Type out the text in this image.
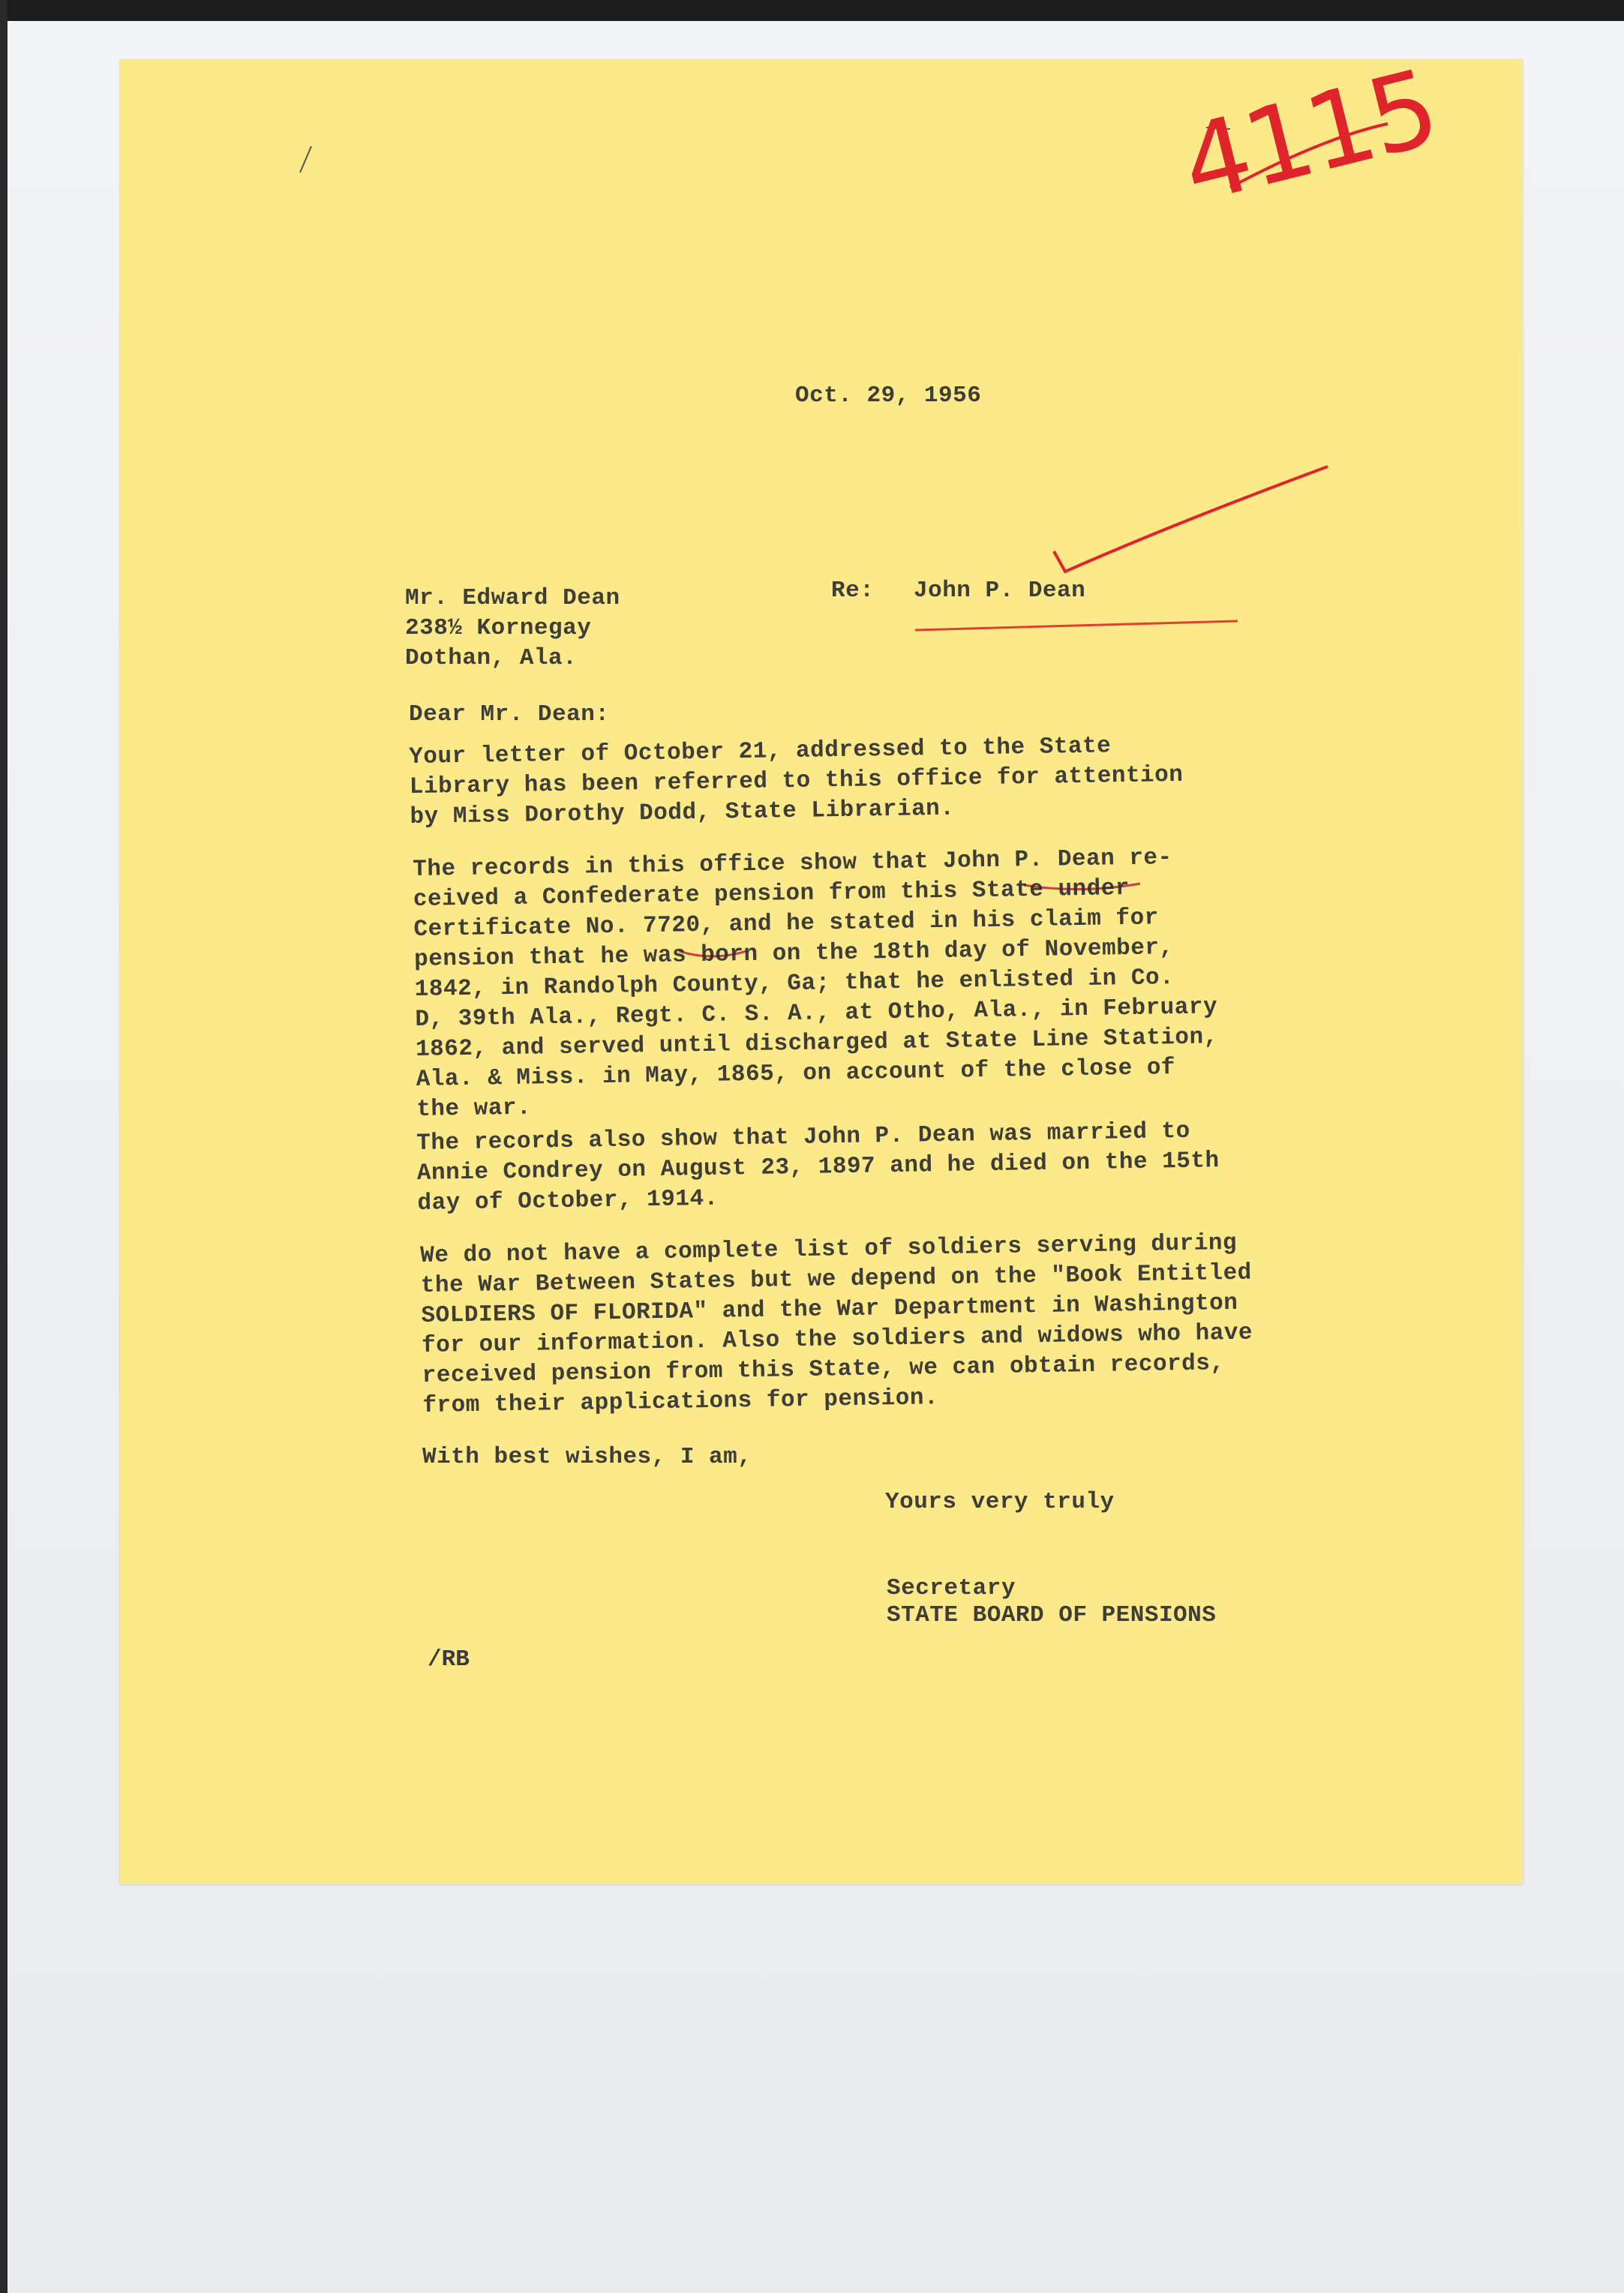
4115
Oct. 29, 1956
Mr. Edward Dean
238½ Kornegay
Dothan, Ala.
Re: John P. Dean
Dear Mr. Dean:
Your letter of October 21, addressed to the State
Library has been referred to this office for attention
by Miss Dorothy Dodd, State Librarian.
The records in this office show that John P. Dean re-
ceived a Confederate pension from this State under
Certificate No. 7720, and he stated in his claim for
pension that he was born on the 18th day of November,
1842, in Randolph County, Ga; that he enlisted in Co.
D, 39th Ala., Regt. C. S. A., at Otho, Ala., in February
1862, and served until discharged at State Line Station,
Ala. & Miss. in May, 1865, on account of the close of
the war.
The records also show that John P. Dean was married to
Annie Condrey on August 23, 1897 and he died on the 15th
day of October, 1914.
We do not have a complete list of soldiers serving during
the War Between States but we depend on the "Book Entitled
SOLDIERS OF FLORIDA" and the War Department in Washington
for our information. Also the soldiers and widows who have
received pension from this State, we can obtain records,
from their applications for pension.
With best wishes, I am,
Yours very truly
Secretary
STATE BOARD OF PENSIONS
/RB
